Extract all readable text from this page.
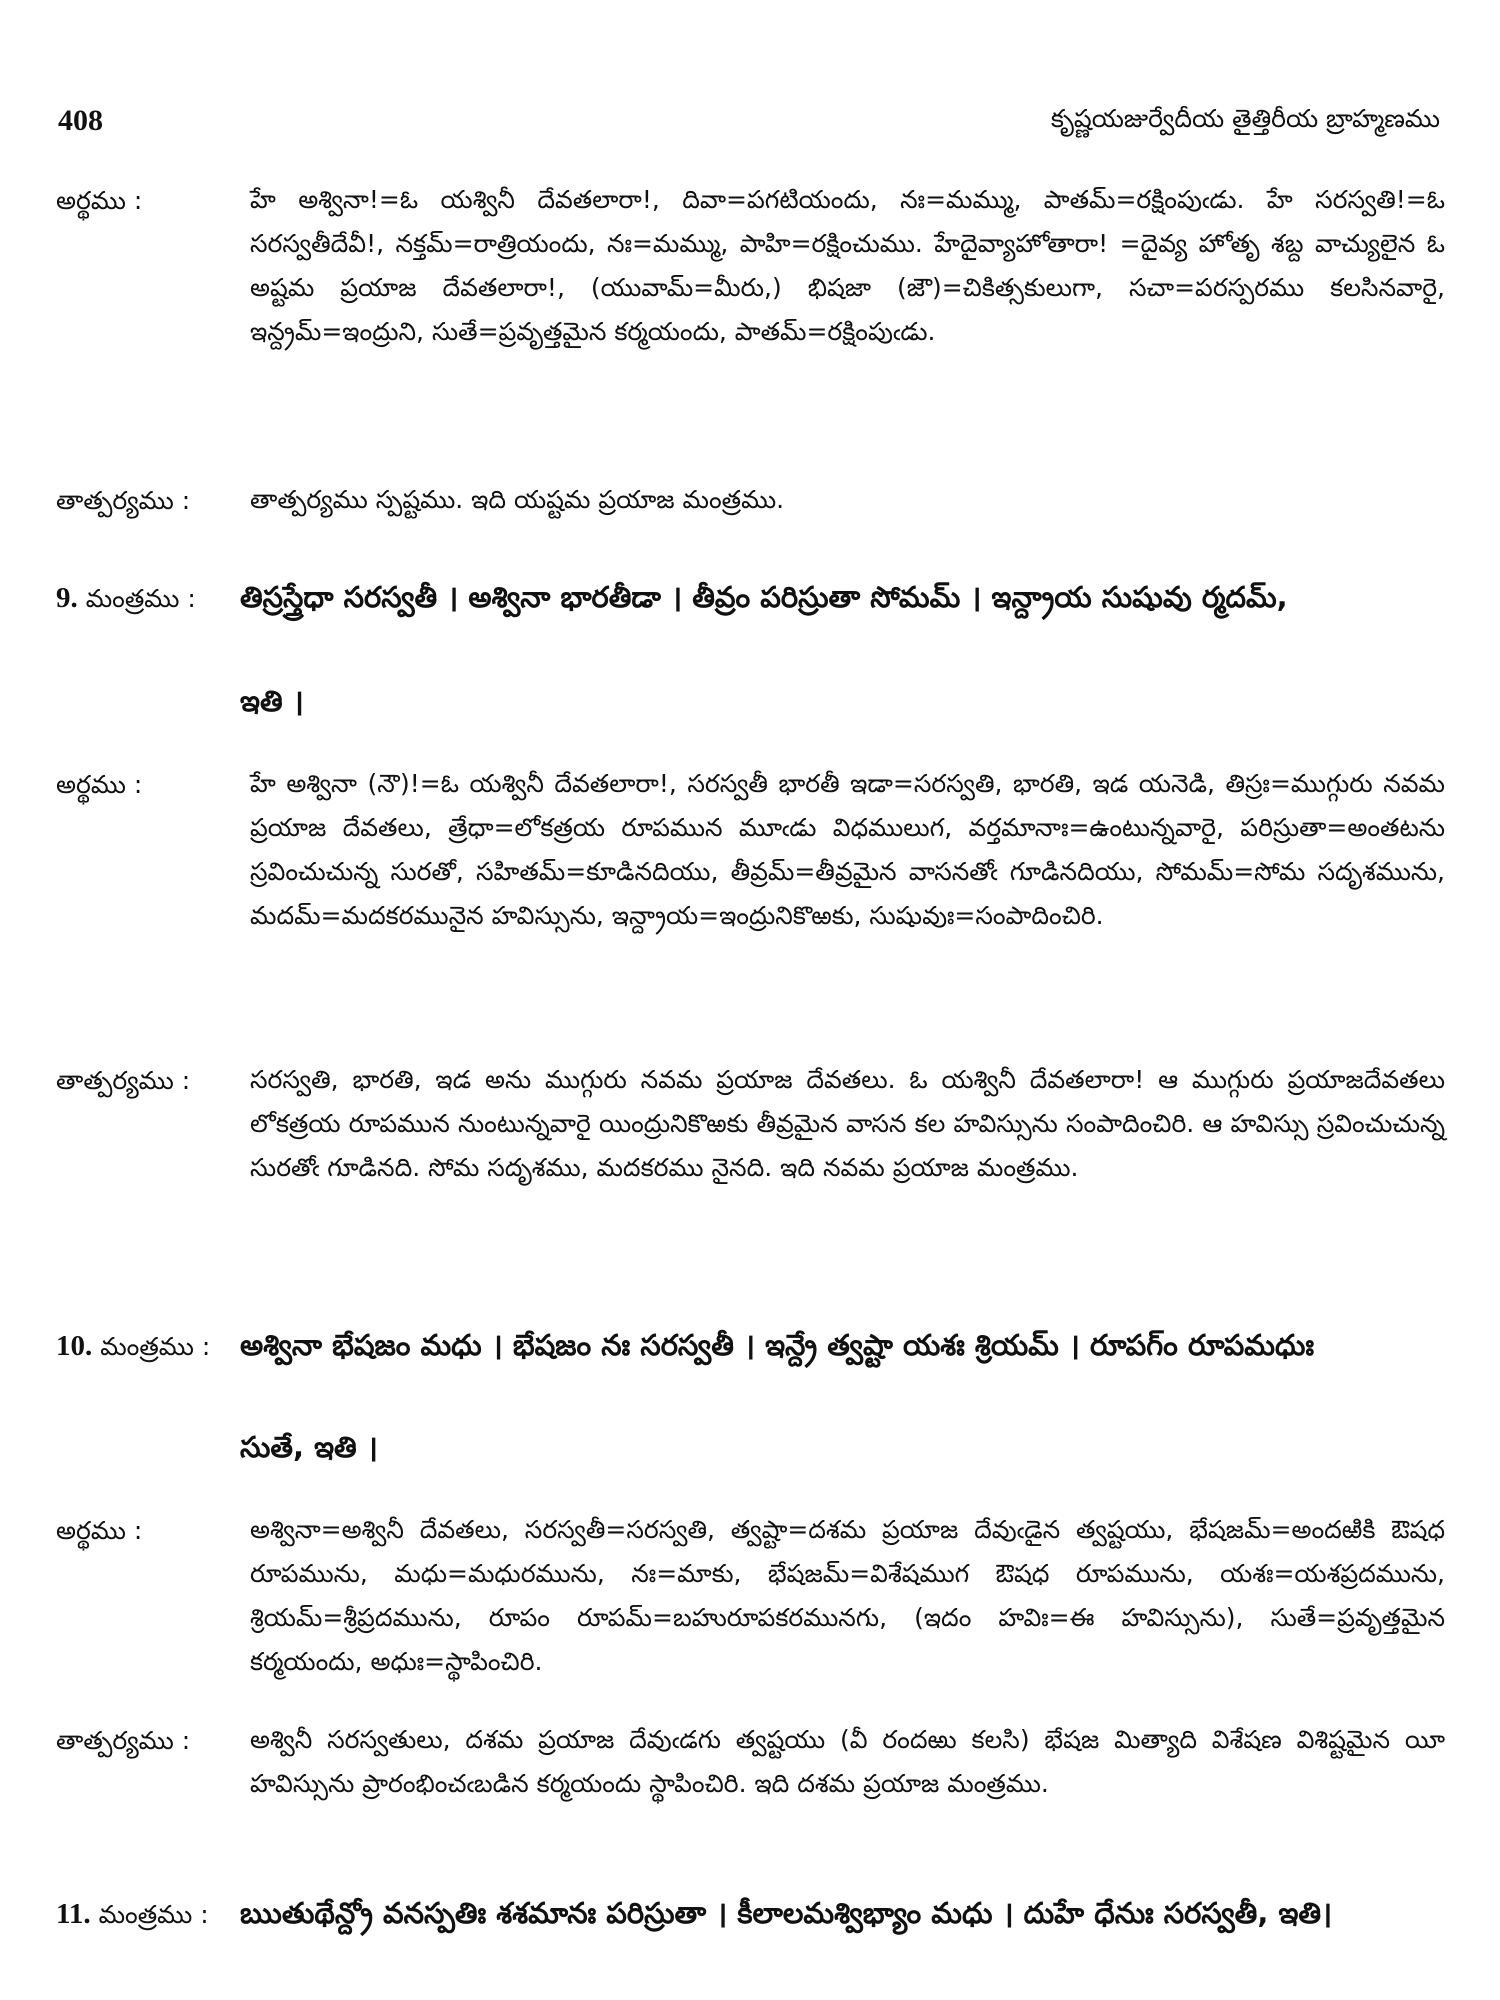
408	కృష్ణయజుర్వేదీయ తైత్తిరీయ బ్రాహ్మణము
అర్థము :	హే అశ్వినా!=ఓ యశ్వినీ దేవతలారా!, దివా=పగటియందు, నః=మమ్ము, పాతమ్=రక్షింపుఁడు. హే సరస్వతి!=ఓ సరస్వతీదేవీ!, నక్తమ్=రాత్రియందు, నః=మమ్ము, పాహి=రక్షించుము. హేదైవ్యాహోతారా! =దైవ్య హోతృ శబ్ద వాచ్యులైన ఓ అష్టమ ప్రయాజ దేవతలారా!, (యువామ్=మీరు,) భిషజా (జౌ)=చికిత్సకులుగా, సచా=పరస్పరము కలసినవారై, ఇన్ద్రమ్=ఇంద్రుని, సుతే=ప్రవృత్తమైన కర్మయందు, పాతమ్=రక్షింపుఁడు.
తాత్పర్యము : తాత్పర్యము స్పష్టము. ఇది యష్టమ ప్రయాజ మంత్రము.
9. మంత్రము : తిస్రస్త్రేధా సరస్వతీ । అశ్వినా భారతీడా । తీవ్రం పరిస్రుతా సోమమ్ । ఇన్ద్రాయ సుషువు ర్మదమ్,
ఇతి ।
అర్థము :	హే అశ్వినా (నౌ)!=ఓ యశ్వినీ దేవతలారా!, సరస్వతీ భారతీ ఇడా=సరస్వతి, భారతి, ఇడ యనెడి, తిస్రః=ముగ్గురు నవమ ప్రయాజ దేవతలు, త్రేధా=లోకత్రయ రూపమున మూఁడు విధములుగ, వర్తమానాః=ఉంటున్నవారై, పరిస్రుతా=అంతటను స్రవించుచున్న సురతో, సహితమ్=కూడినదియు, తీవ్రమ్=తీవ్రమైన వాసనతోఁ గూడినదియు, సోమమ్=సోమ సదృశమును, మదమ్=మదకరమునైన హవిస్సును, ఇన్ద్రాయ=ఇంద్రునికొఱకు, సుషువుః=సంపాదించిరి.
తాత్పర్యము : సరస్వతి, భారతి, ఇడ అను ముగ్గురు నవమ ప్రయాజ దేవతలు. ఓ యశ్వినీ దేవతలారా! ఆ ముగ్గురు ప్రయాజదేవతలు లోకత్రయ రూపమున నుంటున్నవారై యింద్రునికొఱకు తీవ్రమైన వాసన కల హవిస్సును సంపాదించిరి. ఆ హవిస్సు స్రవించుచున్న సురతోఁ గూడినది. సోమ సదృశము, మదకరము నైనది. ఇది నవమ ప్రయాజ మంత్రము.
10. మంత్రము : అశ్వినా భేషజం మధు । భేషజం నః సరస్వతీ । ఇన్ద్రే త్వష్టా యశః శ్రియమ్ । రూపగ్ం రూపమధుః
సుతే, ఇతి ।
అర్థము :	అశ్వినా=అశ్వినీ దేవతలు, సరస్వతీ=సరస్వతి, త్వష్టా=దశమ ప్రయాజ దేవుఁడైన త్వష్టయు, భేషజమ్=అందఱికి ఔషధ రూపమును, మధు=మధురమును, నః=మాకు, భేషజమ్=విశేషముగ ఔషధ రూపమును, యశః=యశప్రదమును, శ్రియమ్=శ్రీప్రదమును, రూపం రూపమ్=బహురూపకరమునగు, (ఇదం హవిః=ఈ హవిస్సును), సుతే=ప్రవృత్తమైన కర్మయందు, అధుః=స్థాపించిరి.
తాత్పర్యము : అశ్వినీ సరస్వతులు, దశమ ప్రయాజ దేవుఁడగు త్వష్టయు (వీ రందఱు కలసి) భేషజ మిత్యాది విశేషణ విశిష్టమైన యీ హవిస్సును ప్రారంభించఁబడిన కర్మయందు స్థాపించిరి. ఇది దశమ ప్రయాజ మంత్రము.
11. మంత్రము : ఋతుథేన్ద్రో వనస్పతిః శశమానః పరిస్రుతా । కీలాలమశ్విభ్యాం మధు । దుహే ధేనుః సరస్వతీ, ఇతి।
